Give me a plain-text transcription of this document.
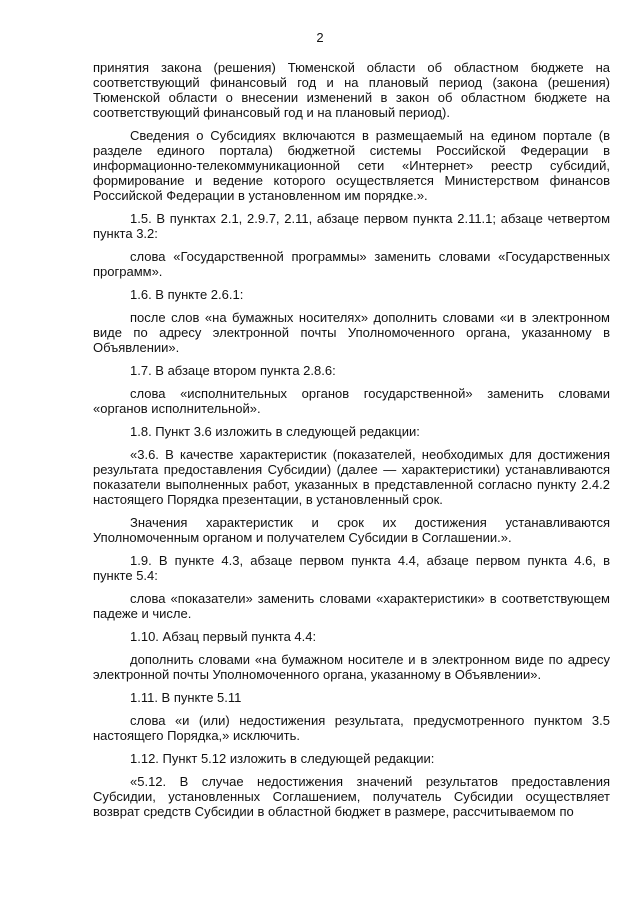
2

принятия закона (решения) Тюменской области об областном бюджете на соответствующий финансовый год и на плановый период (закона (решения) Тюменской области о внесении изменений в закон об областном бюджете на соответствующий финансовый год и на плановый период).

Сведения о Субсидиях включаются в размещаемый на едином портале (в разделе единого портала) бюджетной системы Российской Федерации в информационно-телекоммуникационной сети «Интернет» реестр субсидий, формирование и ведение которого осуществляется Министерством финансов Российской Федерации в установленном им порядке.».

1.5. В пунктах 2.1, 2.9.7, 2.11, абзаце первом пункта 2.11.1; абзаце четвертом пункта 3.2:

слова «Государственной программы» заменить словами «Государственных программ».

1.6. В пункте 2.6.1:

после слов «на бумажных носителях» дополнить словами «и в электронном виде по адресу электронной почты Уполномоченного органа, указанному в Объявлении».

1.7. В абзаце втором пункта 2.8.6:

слова «исполнительных органов государственной» заменить словами «органов исполнительной».

1.8. Пункт 3.6 изложить в следующей редакции:

«3.6. В качестве характеристик (показателей, необходимых для достижения результата предоставления Субсидии) (далее — характеристики) устанавливаются показатели выполненных работ, указанных в представленной согласно пункту 2.4.2 настоящего Порядка презентации, в установленный срок.

Значения характеристик и срок их достижения устанавливаются Уполномоченным органом и получателем Субсидии в Соглашении.».

1.9. В пункте 4.3, абзаце первом пункта 4.4, абзаце первом пункта 4.6, в пункте 5.4:

слова «показатели» заменить словами «характеристики» в соответствующем падеже и числе.

1.10. Абзац первый пункта 4.4:

дополнить словами «на бумажном носителе и в электронном виде по адресу электронной почты Уполномоченного органа, указанному в Объявлении».

1.11. В пункте 5.11

слова «и (или) недостижения результата, предусмотренного пунктом 3.5 настоящего Порядка,» исключить.

1.12. Пункт 5.12 изложить в следующей редакции:

«5.12. В случае недостижения значений результатов предоставления Субсидии, установленных Соглашением, получатель Субсидии осуществляет возврат средств Субсидии в областной бюджет в размере, рассчитываемом по
